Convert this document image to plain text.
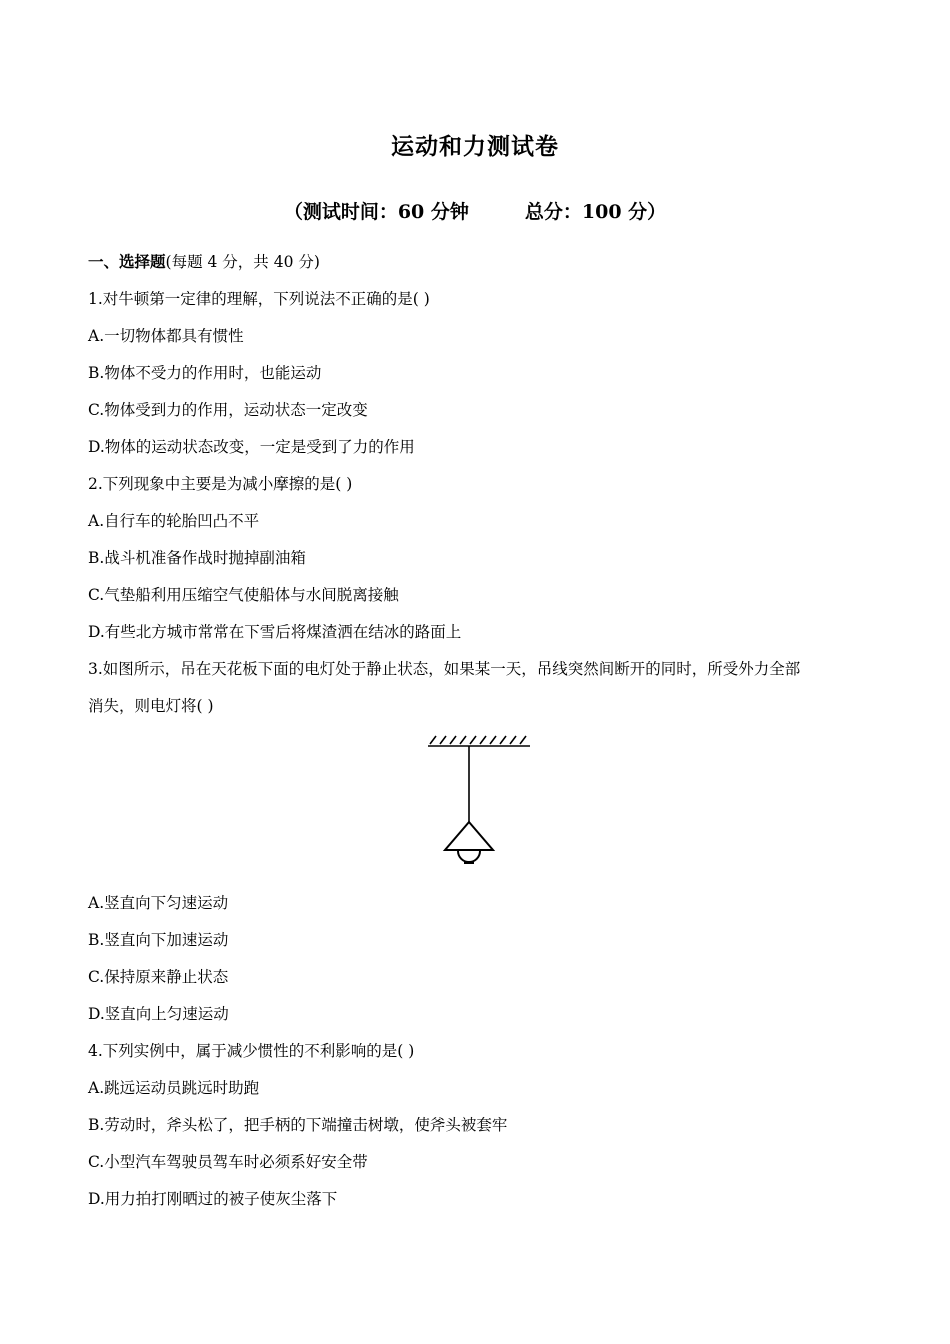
运动和力测试卷
（测试时间：60 分钟	总分：100 分）
一、选择题(每题 4 分，共 40 分)
1.对牛顿第一定律的理解，下列说法不正确的是( )
A.一切物体都具有惯性
B.物体不受力的作用时，也能运动
C.物体受到力的作用，运动状态一定改变
D.物体的运动状态改变，一定是受到了力的作用
2.下列现象中主要是为减小摩擦的是( )
A.自行车的轮胎凹凸不平
B.战斗机准备作战时抛掉副油箱
C.气垫船利用压缩空气使船体与水间脱离接触
D.有些北方城市常常在下雪后将煤渣洒在结冰的路面上
3.如图所示，吊在天花板下面的电灯处于静止状态，如果某一天，吊线突然间断开的同时，所受外力全部
消失，则电灯将( )
A.竖直向下匀速运动
B.竖直向下加速运动
C.保持原来静止状态
D.竖直向上匀速运动
4.下列实例中，属于减少惯性的不利影响的是( )
A.跳远运动员跳远时助跑
B.劳动时，斧头松了，把手柄的下端撞击树墩，使斧头被套牢
C.小型汽车驾驶员驾车时必须系好安全带
D.用力拍打刚晒过的被子使灰尘落下
